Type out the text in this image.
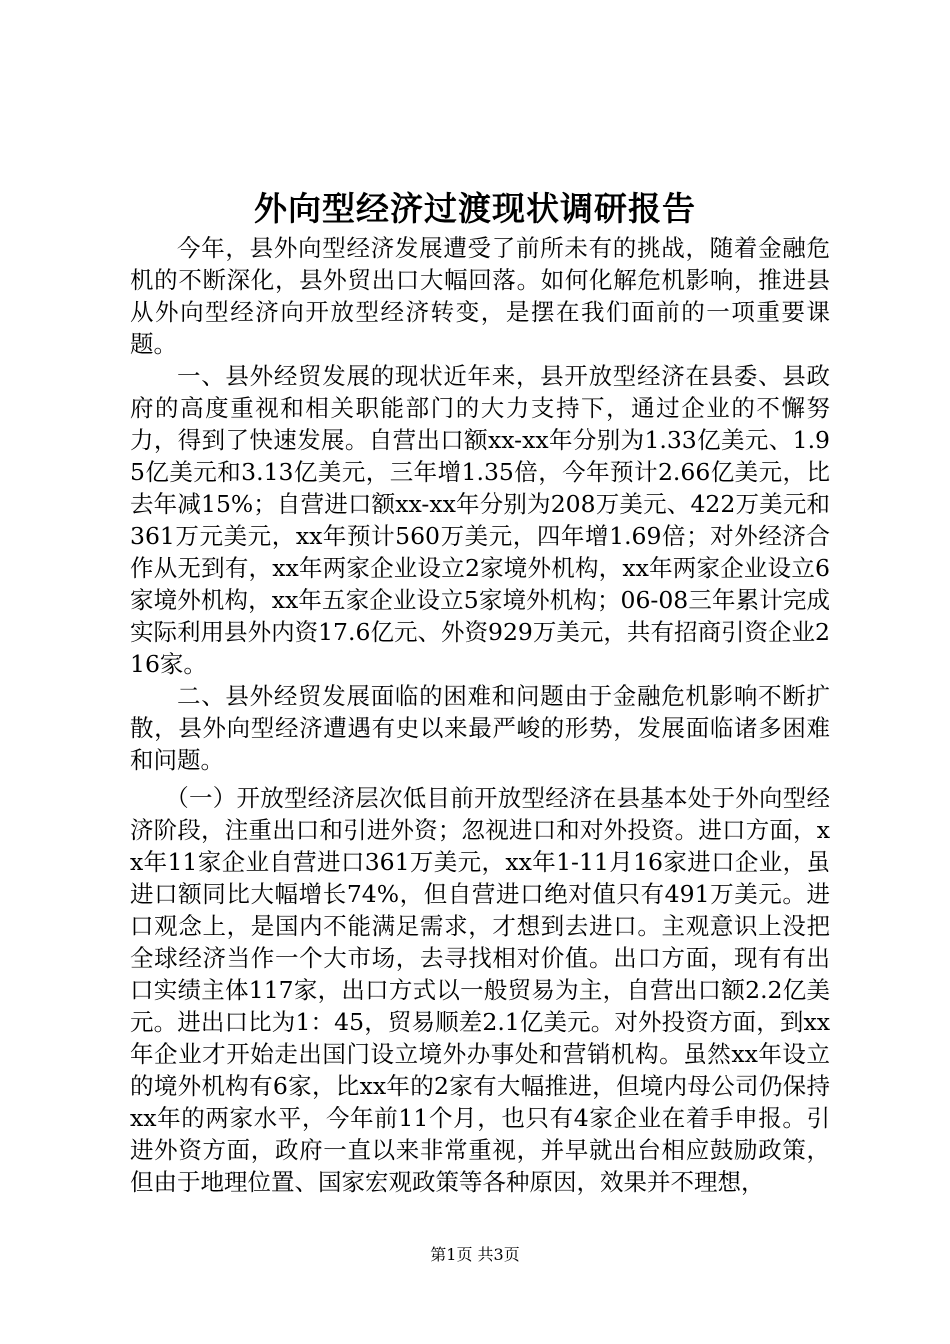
外向型经济过渡现状调研报告

今年，县外向型经济发展遭受了前所未有的挑战，随着金融危机的不断深化，县外贸出口大幅回落。如何化解危机影响，推进县从外向型经济向开放型经济转变，是摆在我们面前的一项重要课题。

一、县外经贸发展的现状近年来，县开放型经济在县委、县政府的高度重视和相关职能部门的大力支持下，通过企业的不懈努力，得到了快速发展。自营出口额xx-xx年分别为1.33亿美元、1.95亿美元和3.13亿美元，三年增1.35倍，今年预计2.66亿美元，比去年减15%；自营进口额xx-xx年分别为208万美元、422万美元和361万元美元，xx年预计560万美元，四年增1.69倍；对外经济合作从无到有，xx年两家企业设立2家境外机构，xx年两家企业设立6家境外机构，xx年五家企业设立5家境外机构；06-08三年累计完成实际利用县外内资17.6亿元、外资929万美元，共有招商引资企业216家。

二、县外经贸发展面临的困难和问题由于金融危机影响不断扩散，县外向型经济遭遇有史以来最严峻的形势，发展面临诸多困难和问题。

（一）开放型经济层次低目前开放型经济在县基本处于外向型经济阶段，注重出口和引进外资；忽视进口和对外投资。进口方面，xx年11家企业自营进口361万美元，xx年1-11月16家进口企业，虽进口额同比大幅增长74%，但自营进口绝对值只有491万美元。进口观念上，是国内不能满足需求，才想到去进口。主观意识上没把全球经济当作一个大市场，去寻找相对价值。出口方面，现有有出口实绩主体117家，出口方式以一般贸易为主，自营出口额2.2亿美元。进出口比为1：45，贸易顺差2.1亿美元。对外投资方面，到xx年企业才开始走出国门设立境外办事处和营销机构。虽然xx年设立的境外机构有6家，比xx年的2家有大幅推进，但境内母公司仍保持xx年的两家水平，今年前11个月，也只有4家企业在着手申报。引进外资方面，政府一直以来非常重视，并早就出台相应鼓励政策，但由于地理位置、国家宏观政策等各种原因，效果并不理想，

第1页 共3页
